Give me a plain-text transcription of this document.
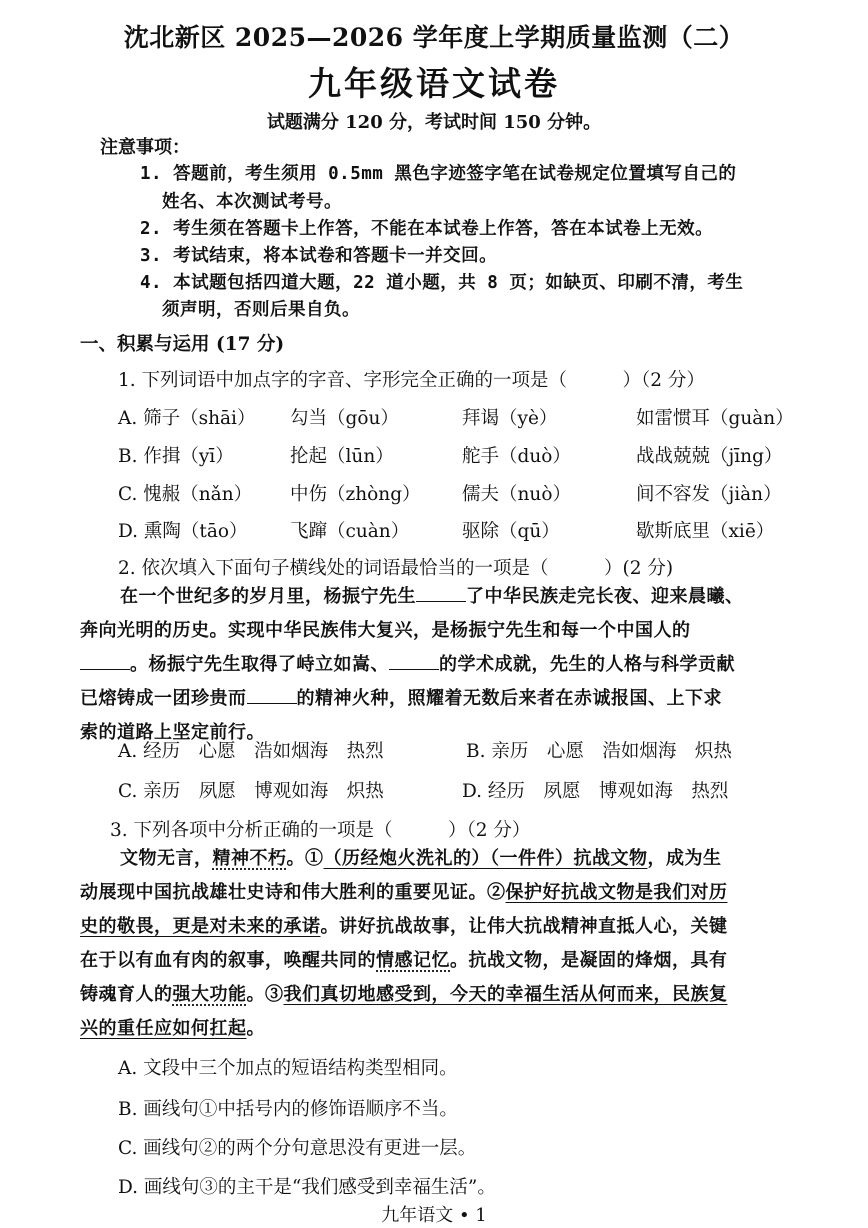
沈北新区 2025—2026 学年度上学期质量监测（二）
九年级语文试卷
试题满分 120 分，考试时间 150 分钟。
注意事项：
1. 答题前，考生须用 0.5mm 黑色字迹签字笔在试卷规定位置填写自己的
姓名、本次测试考号。
2. 考生须在答题卡上作答，不能在本试卷上作答，答在本试卷上无效。
3. 考试结束，将本试卷和答题卡一并交回。
4. 本试题包括四道大题，22 道小题，共 8 页；如缺页、印刷不清，考生
须声明，否则后果自负。
一、积累与运用 (17 分)
1. 下列词语中加点字的字音、字形完全正确的一项是（　　　）（2 分）
A. 筛子（shāi） 勾当（gōu）	拜谒（yè）	如雷惯耳（guàn）
B. 作揖（yī）	抡起（lūn）	舵手（duò）	战战兢兢（jīng）
C. 愧赧（nǎn） 中伤（zhòng） 儒夫（nuò）	间不容发（jiàn）
D. 熏陶（tāo） 飞蹿（cuàn）	驱除（qū）	歇斯底里（xiē）
2. 依次填入下面句子横线处的词语最恰当的一项是（　　　）(2 分)
在一个世纪多的岁月里，杨振宁先生	了中华民族走完长夜、迎来晨曦、
奔向光明的历史。实现中华民族伟大复兴，是杨振宁先生和每一个中国人的
。杨振宁先生取得了峙立如嵩、	的学术成就，先生的人格与科学贡献
已熔铸成一团珍贵而	的精神火种，照耀着无数后来者在赤诚报国、上下求
索的道路上坚定前行。
A. 经历　心愿　浩如烟海　热烈	B. 亲历　心愿　浩如烟海　炽热
C. 亲历　夙愿　博观如海　炽热	D. 经历　夙愿　博观如海　热烈
3. 下列各项中分析正确的一项是（　　　）（2 分）
文物无言，精神不朽。①（历经炮火洗礼的）（一件件）抗战文物，成为生
动展现中国抗战雄壮史诗和伟大胜利的重要见证。②保护好抗战文物是我们对历
史的敬畏，更是对未来的承诺。讲好抗战故事，让伟大抗战精神直抵人心，关键
在于以有血有肉的叙事，唤醒共同的情感记忆。抗战文物，是凝固的烽烟，具有
铸魂育人的强大功能。③我们真切地感受到，今天的幸福生活从何而来，民族复
兴的重任应如何扛起。
A. 文段中三个加点的短语结构类型相同。
B. 画线句①中括号内的修饰语顺序不当。
C. 画线句②的两个分句意思没有更进一层。
D. 画线句③的主干是“我们感受到幸福生活”。
九年语文 • 1
